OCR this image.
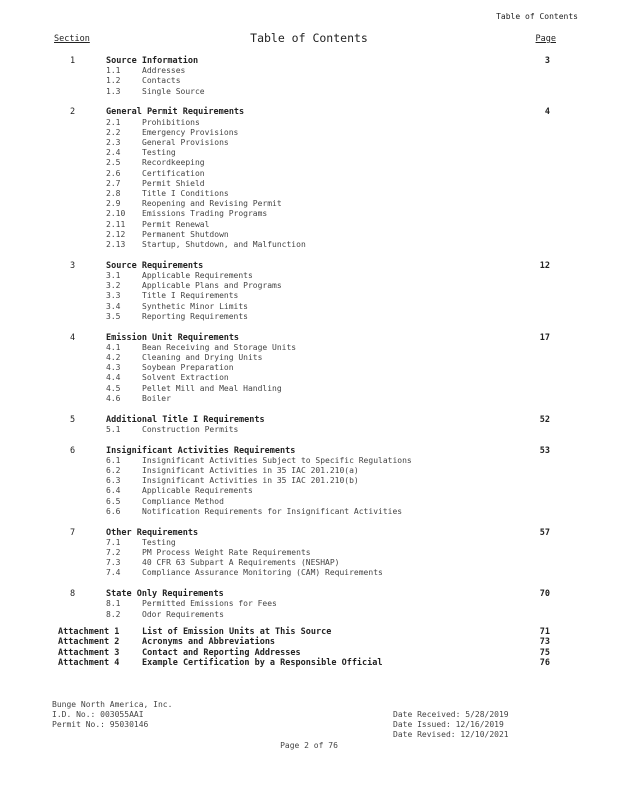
Table of Contents
Section	Table of Contents	Page
1	Source Information	3
1.1	Addresses
1.2	Contacts
1.3	Single Source
2	General Permit Requirements	4
2.1	Prohibitions
2.2	Emergency Provisions
2.3	General Provisions
2.4	Testing
2.5	Recordkeeping
2.6	Certification
2.7	Permit Shield
2.8	Title I Conditions
2.9	Reopening and Revising Permit
2.10 Emissions Trading Programs
2.11 Permit Renewal
2.12 Permanent Shutdown
2.13 Startup, Shutdown, and Malfunction
3	Source Requirements	12
3.1	Applicable Requirements
3.2	Applicable Plans and Programs
3.3	Title I Requirements
3.4	Synthetic Minor Limits
3.5	Reporting Requirements
4	Emission Unit Requirements	17
4.1	Bean Receiving and Storage Units
4.2	Cleaning and Drying Units
4.3	Soybean Preparation
4.4	Solvent Extraction
4.5	Pellet Mill and Meal Handling
4.6	Boiler
5	Additional Title I Requirements	52
5.1	Construction Permits
6	Insignificant Activities Requirements	53
6.1	Insignificant Activities Subject to Specific Regulations
6.2	Insignificant Activities in 35 IAC 201.210(a)
6.3	Insignificant Activities in 35 IAC 201.210(b)
6.4	Applicable Requirements
6.5	Compliance Method
6.6	Notification Requirements for Insignificant Activities
7	Other Requirements	57
7.1	Testing
7.2	PM Process Weight Rate Requirements
7.3	40 CFR 63 Subpart A Requirements (NESHAP)
7.4	Compliance Assurance Monitoring (CAM) Requirements
8	State Only Requirements	70
8.1	Permitted Emissions for Fees
8.2	Odor Requirements
Attachment 1	List of Emission Units at This Source	71
Attachment 2	Acronyms and Abbreviations	73
Attachment 3	Contact and Reporting Addresses	75
Attachment 4	Example Certification by a Responsible Official	76
Bunge North America, Inc.
I.D. No.: 003055AAI
Permit No.: 95030146
Date Received: 5/28/2019
Date Issued: 12/16/2019
Date Revised: 12/10/2021
Page 2 of 76
